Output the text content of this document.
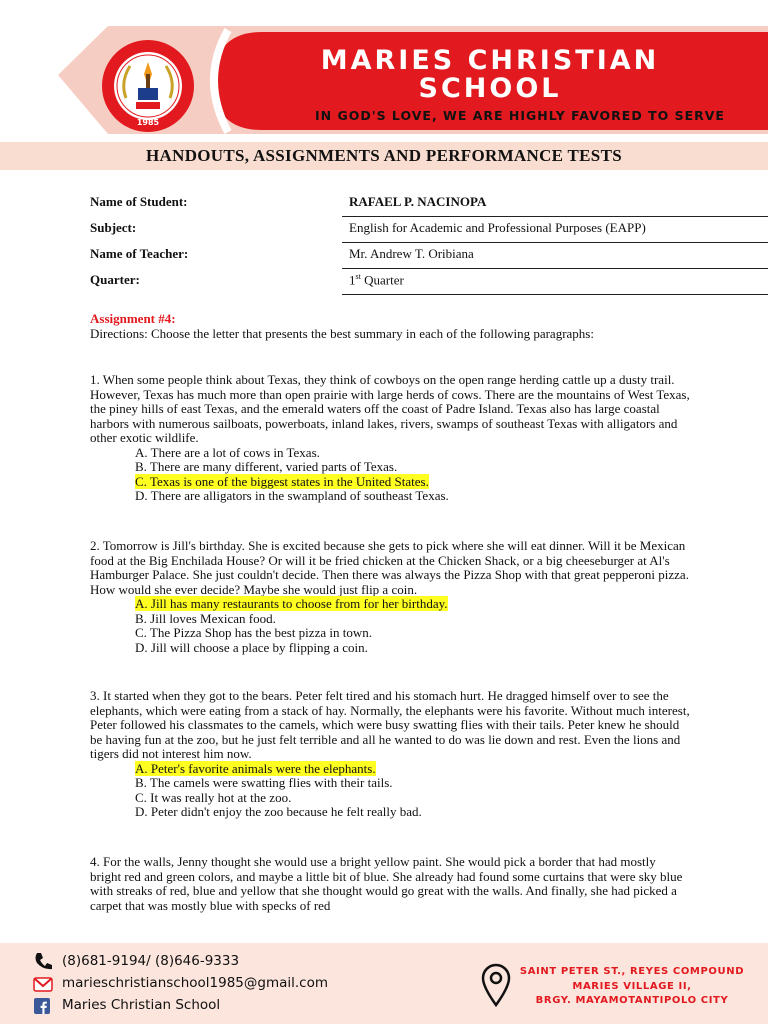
1985
MARIES CHRISTIAN
SCHOOL
IN GOD'S LOVE, WE ARE HIGHLY FAVORED TO SERVE
HANDOUTS, ASSIGNMENTS AND PERFORMANCE TESTS
Name of Student:	RAFAEL P. NACINOPA
Subject:	English for Academic and Professional Purposes (EAPP)
Name of Teacher:	Mr. Andrew T. Oribiana
Quarter:	1st Quarter
Assignment #4:

Directions: Choose the letter that presents the best summary in each of the following paragraphs:

1. When some people think about Texas, they think of cowboys on the open range herding cattle up a dusty trail. However, Texas has much more than open prairie with large herds of cows. There are the mountains of West Texas, the piney hills of east Texas, and the emerald waters off the coast of Padre Island. Texas also has large coastal harbors with numerous sailboats, powerboats, inland lakes, rivers, swamps of southeast Texas with alligators and other exotic wildlife.

A. There are a lot of cows in Texas.
B. There are many different, varied parts of Texas.
C. Texas is one of the biggest states in the United States.
D. There are alligators in the swampland of southeast Texas.

2. Tomorrow is Jill's birthday. She is excited because she gets to pick where she will eat dinner. Will it be Mexican food at the Big Enchilada House? Or will it be fried chicken at the Chicken Shack, or a big cheeseburger at Al's Hamburger Palace. She just couldn't decide. Then there was always the Pizza Shop with that great pepperoni pizza. How would she ever decide? Maybe she would just flip a coin.

A. Jill has many restaurants to choose from for her birthday.
B. Jill loves Mexican food.
C. The Pizza Shop has the best pizza in town.
D. Jill will choose a place by flipping a coin.

3. It started when they got to the bears. Peter felt tired and his stomach hurt. He dragged himself over to see the elephants, which were eating from a stack of hay. Normally, the elephants were his favorite. Without much interest, Peter followed his classmates to the camels, which were busy swatting flies with their tails. Peter knew he should be having fun at the zoo, but he just felt terrible and all he wanted to do was lie down and rest. Even the lions and tigers did not interest him now.

A. Peter's favorite animals were the elephants.
B. The camels were swatting flies with their tails.
C. It was really hot at the zoo.
D. Peter didn't enjoy the zoo because he felt really bad.

4. For the walls, Jenny thought she would use a bright yellow paint. She would pick a border that had mostly bright red and green colors, and maybe a little bit of blue. She already had found some curtains that were sky blue with streaks of red, blue and yellow that she thought would go great with the walls. And finally, she had picked a carpet that was mostly blue with specks of red

(8)681-9194/ (8)646-9333
marieschristianschool1985@gmail.com
Maries Christian School
SAINT PETER ST., REYES COMPOUND
MARIES VILLAGE II,
BRGY. MAYAMOTANTIPOLO CITY
